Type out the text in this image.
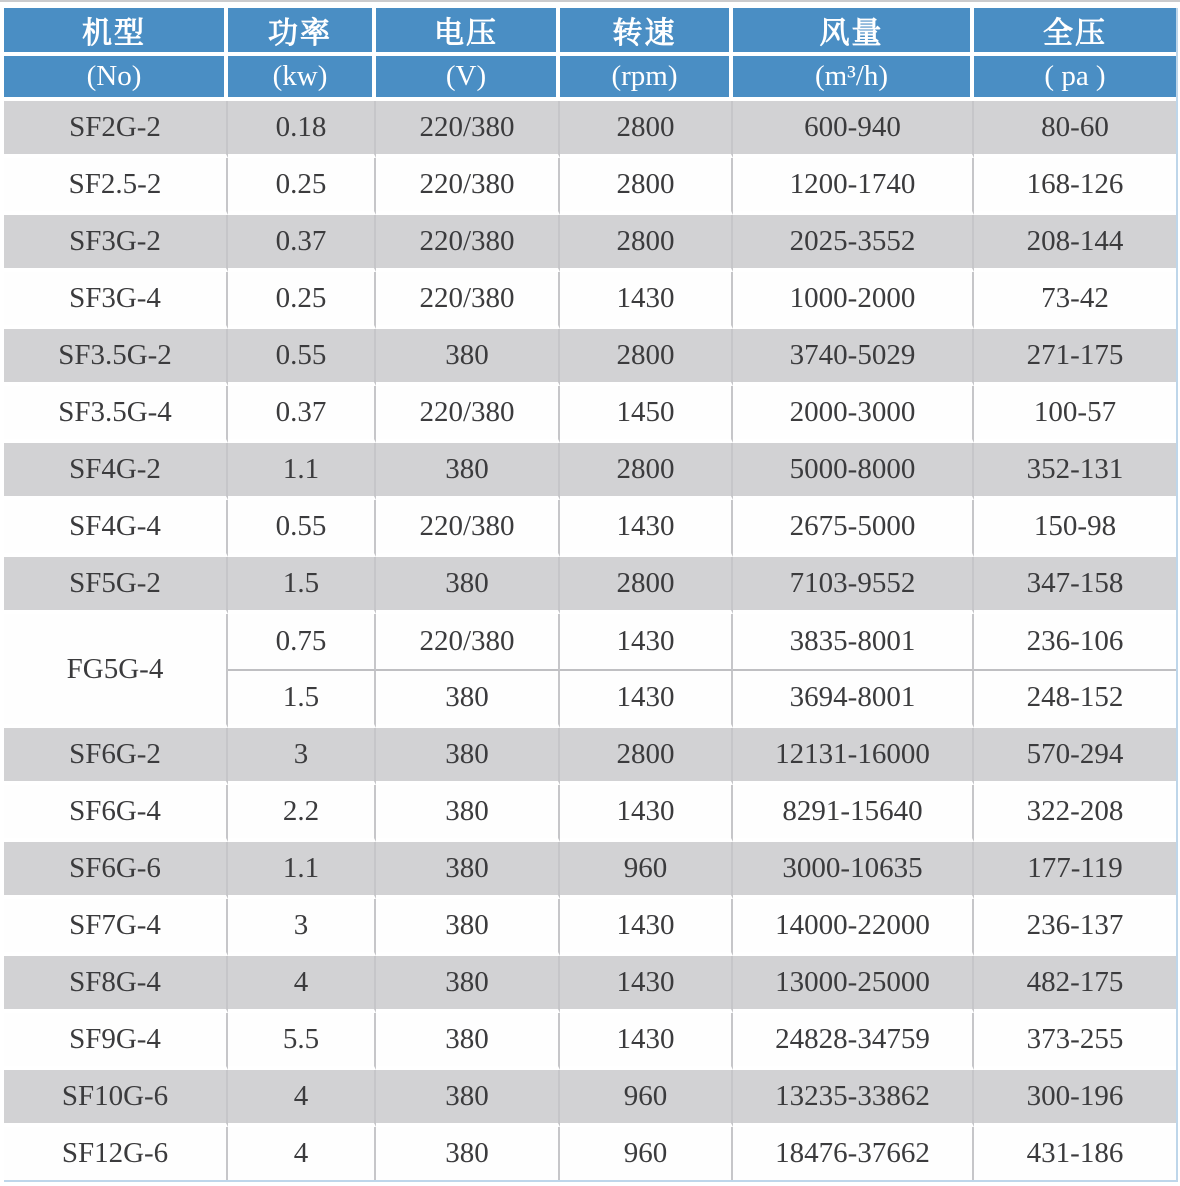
机型	功率	电压	转速	风量	全压
(No)	(kw)	(V)	(rpm)	(m³/h)	( pa )
SF2G-2	0.18	220/380	2800	600-940	80-60
SF2.5-2	0.25	220/380	2800	1200-1740	168-126
SF3G-2	0.37	220/380	2800	2025-3552	208-144
SF3G-4	0.25	220/380	1430	1000-2000	73-42
SF3.5G-2	0.55	380	2800	3740-5029	271-175
SF3.5G-4	0.37	220/380	1450	2000-3000	100-57
SF4G-2	1.1	380	2800	5000-8000	352-131
SF4G-4	0.55	220/380	1430	2675-5000	150-98
SF5G-2	1.5	380	2800	7103-9552	347-158
FG5G-4	0.75	220/380	1430	3835-8001	236-106
	1.5	380	1430	3694-8001	248-152
SF6G-2	3	380	2800	12131-16000	570-294
SF6G-4	2.2	380	1430	8291-15640	322-208
SF6G-6	1.1	380	960	3000-10635	177-119
SF7G-4	3	380	1430	14000-22000	236-137
SF8G-4	4	380	1430	13000-25000	482-175
SF9G-4	5.5	380	1430	24828-34759	373-255
SF10G-6	4	380	960	13235-33862	300-196
SF12G-6	4	380	960	18476-37662	431-186
